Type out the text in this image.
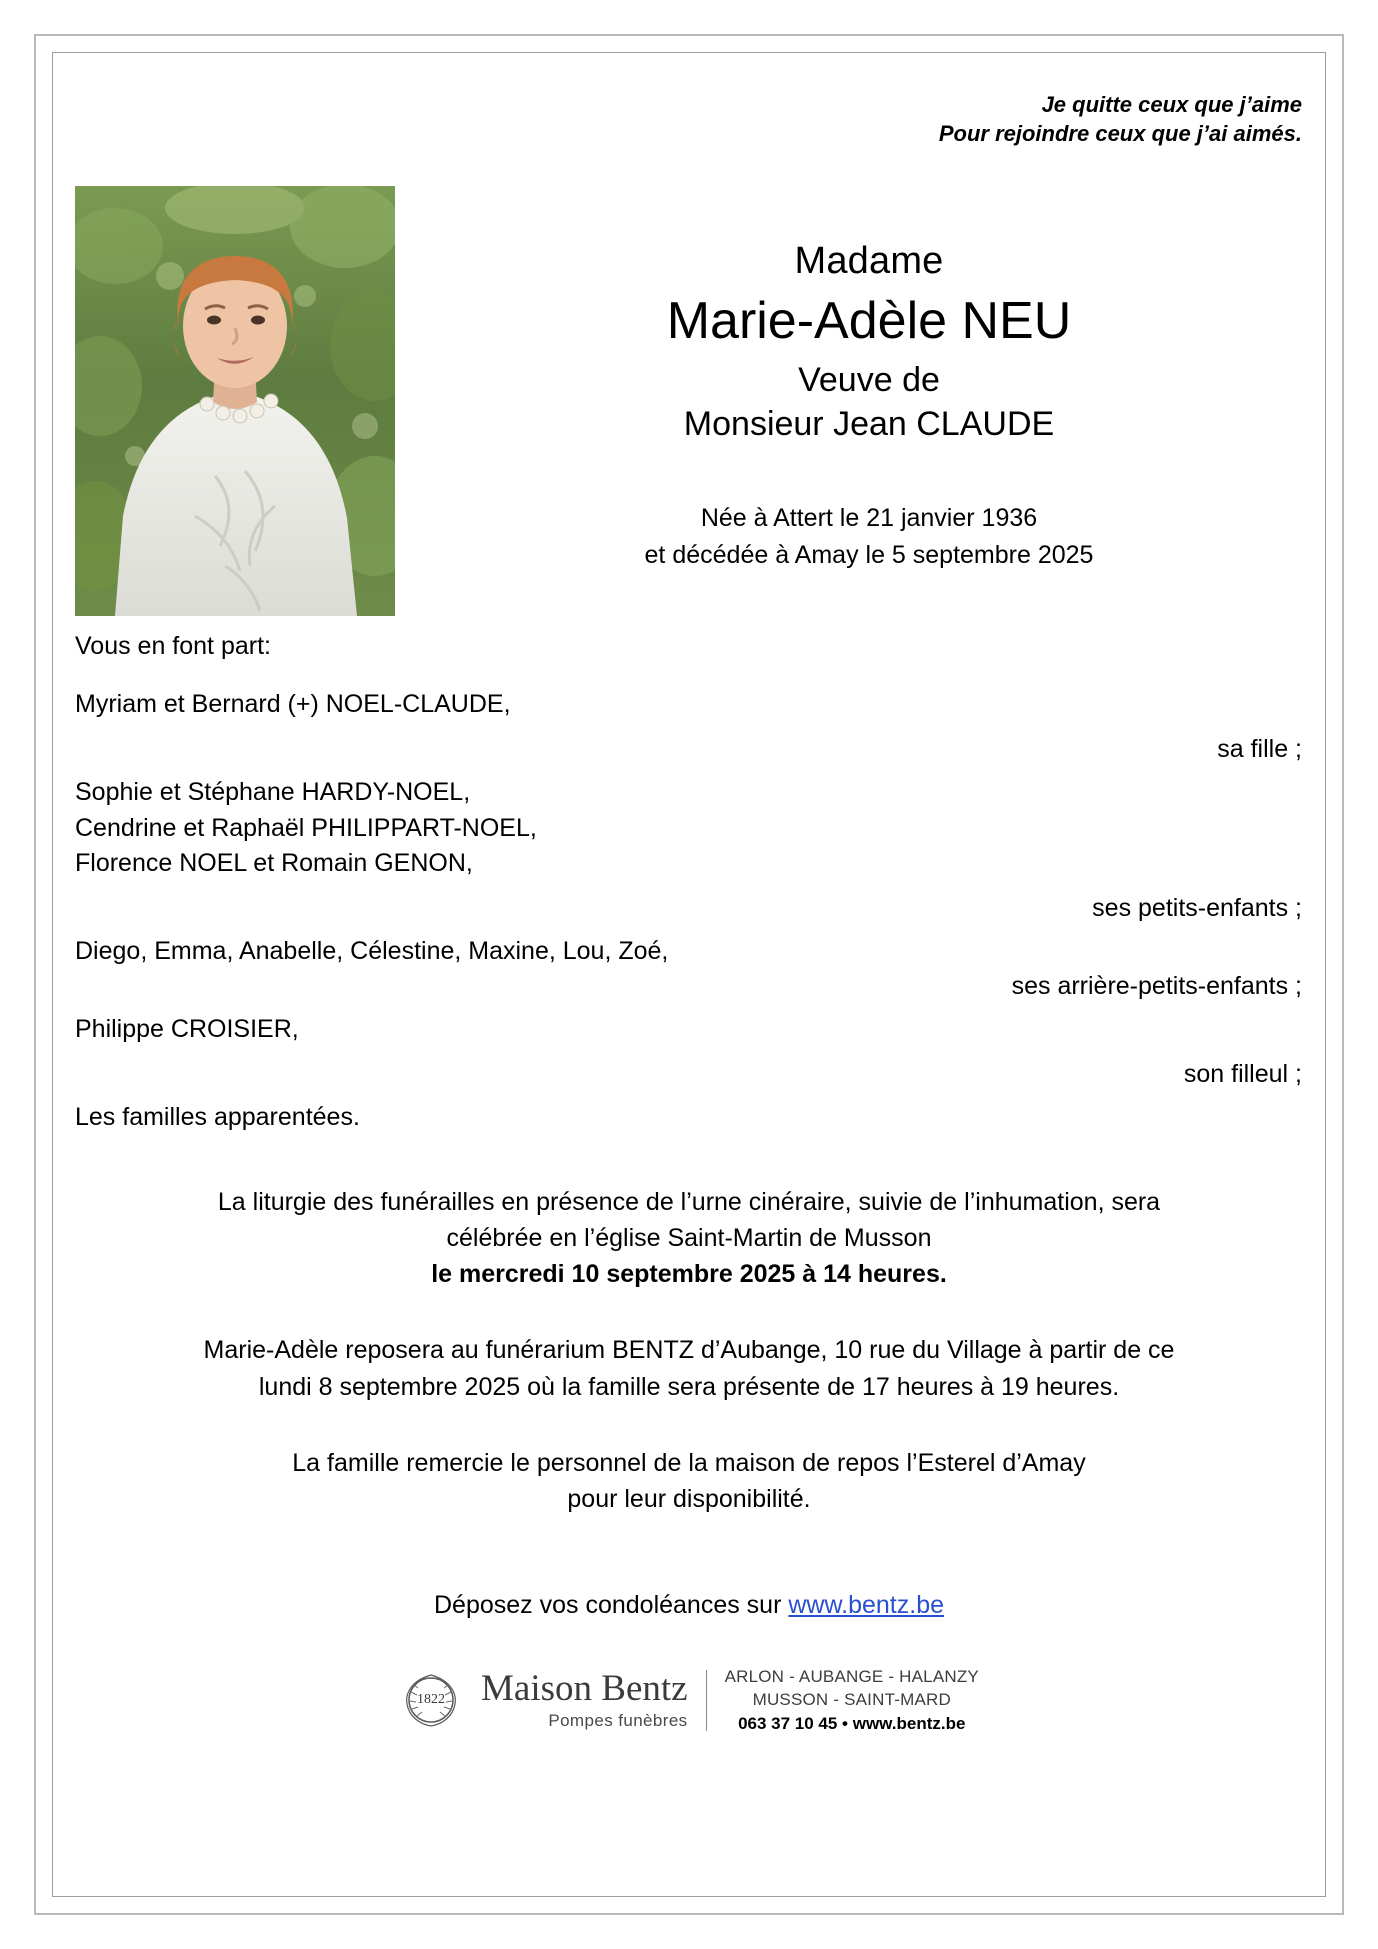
Je quitte ceux que j’aime
Pour rejoindre ceux que j’ai aimés.
Madame
Marie-Adèle NEU
Veuve de
Monsieur Jean CLAUDE
Née à Attert le 21 janvier 1936
et décédée à Amay le 5 septembre 2025
Vous en font part:
Myriam et Bernard (+) NOEL-CLAUDE,
sa fille ;
Sophie et Stéphane HARDY-NOEL,
Cendrine et Raphaël PHILIPPART-NOEL,
Florence NOEL et Romain GENON,
ses petits-enfants ;
Diego, Emma, Anabelle, Célestine, Maxine, Lou, Zoé,
ses arrière-petits-enfants ;
Philippe CROISIER,
son filleul ;
Les familles apparentées.
La liturgie des funérailles en présence de l’urne cinéraire, suivie de l’inhumation, sera
célébrée en l’église Saint-Martin de Musson
le mercredi 10 septembre 2025 à 14 heures.
Marie-Adèle reposera au funérarium BENTZ d’Aubange, 10 rue du Village à partir de ce
lundi 8 septembre 2025 où la famille sera présente de 17 heures à 19 heures.
La famille remercie le personnel de la maison de repos l’Esterel d’Amay
pour leur disponibilité.
Déposez vos condoléances sur www.bentz.be
1822 Maison Bentz
Pompes funèbres
ARLON - AUBANGE - HALANZY
MUSSON - SAINT-MARD
063 37 10 45 • www.bentz.be
